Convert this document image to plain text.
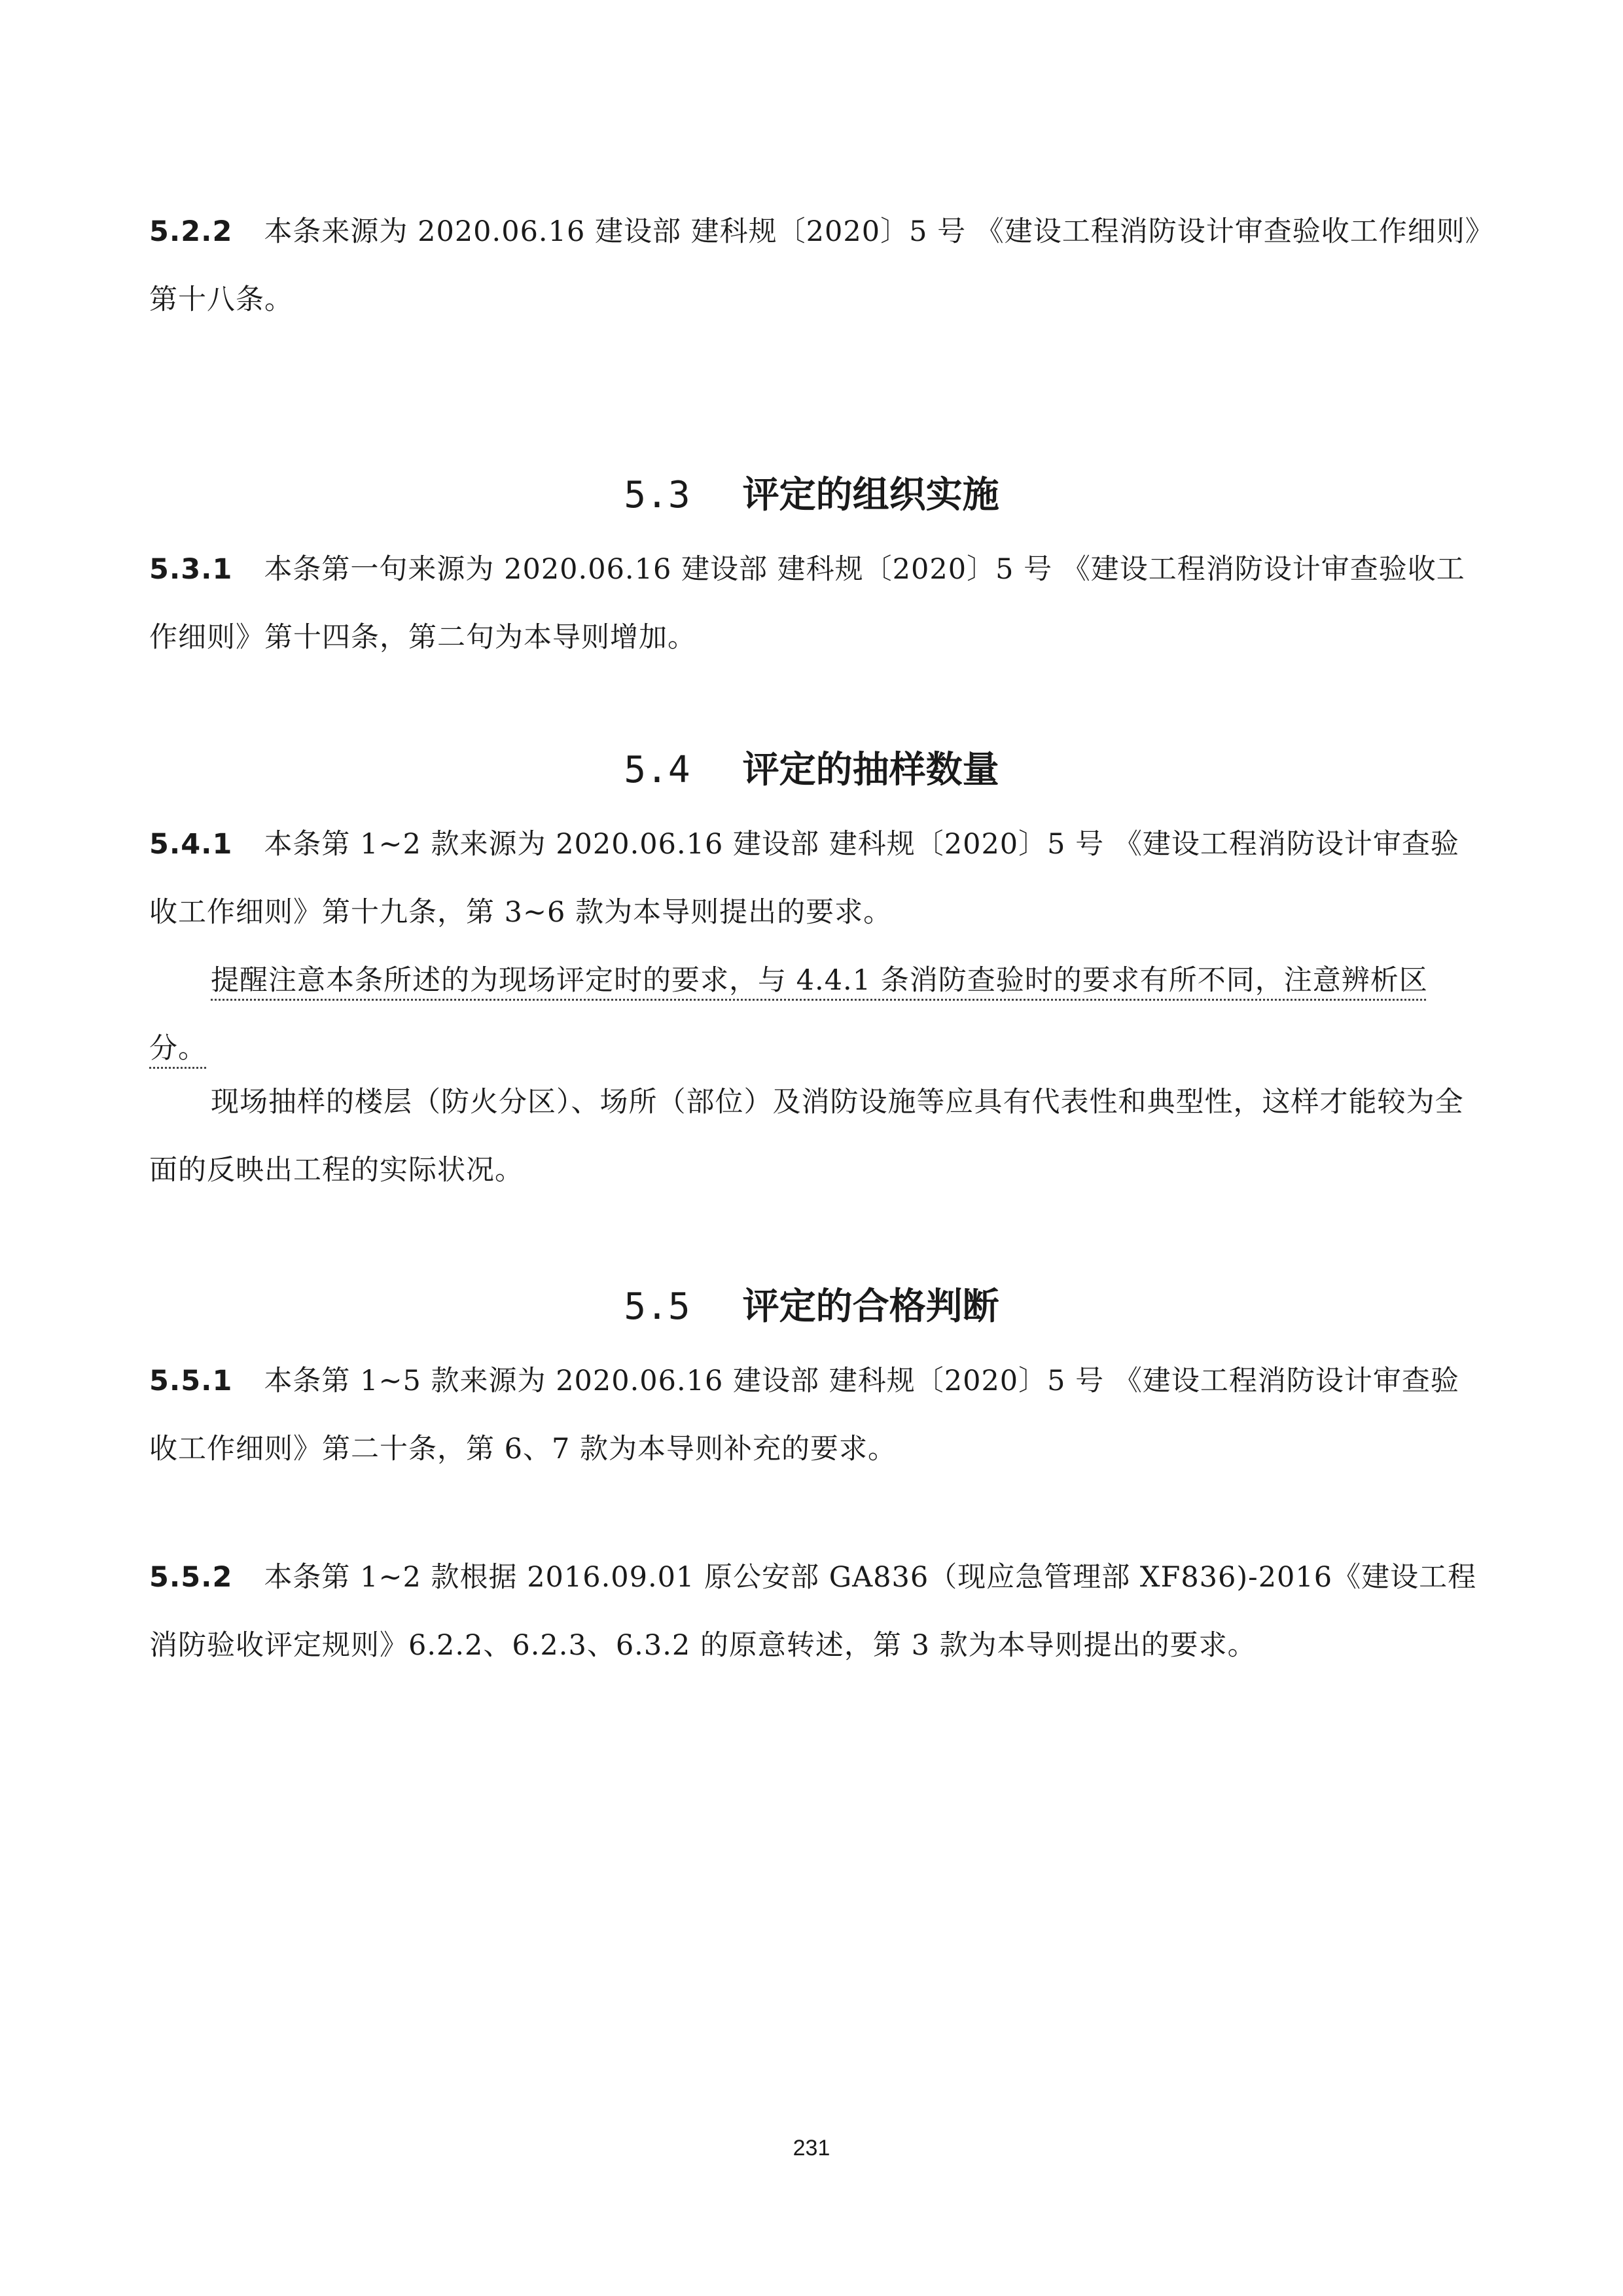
5.2.2 本条来源为 2020.06.16 建设部 建科规〔2020〕5 号 《建设工程消防设计审查验收工作细则》第十八条。

5.3 评定的组织实施

5.3.1 本条第一句来源为 2020.06.16 建设部 建科规〔2020〕5 号 《建设工程消防设计审查验收工作细则》第十四条，第二句为本导则增加。

5.4 评定的抽样数量

5.4.1 本条第 1~2 款来源为 2020.06.16 建设部 建科规〔2020〕5 号 《建设工程消防设计审查验收工作细则》第十九条，第 3~6 款为本导则提出的要求。

提醒注意本条所述的为现场评定时的要求，与 4.4.1 条消防查验时的要求有所不同，注意辨析区分。

现场抽样的楼层（防火分区）、场所（部位）及消防设施等应具有代表性和典型性，这样才能较为全面的反映出工程的实际状况。

5.5 评定的合格判断

5.5.1 本条第 1~5 款来源为 2020.06.16 建设部 建科规〔2020〕5 号 《建设工程消防设计审查验收工作细则》第二十条，第 6、7 款为本导则补充的要求。

5.5.2 本条第 1~2 款根据 2016.09.01 原公安部 GA836（现应急管理部 XF836)-2016《建设工程消防验收评定规则》6.2.2、6.2.3、6.3.2 的原意转述，第 3 款为本导则提出的要求。

231
